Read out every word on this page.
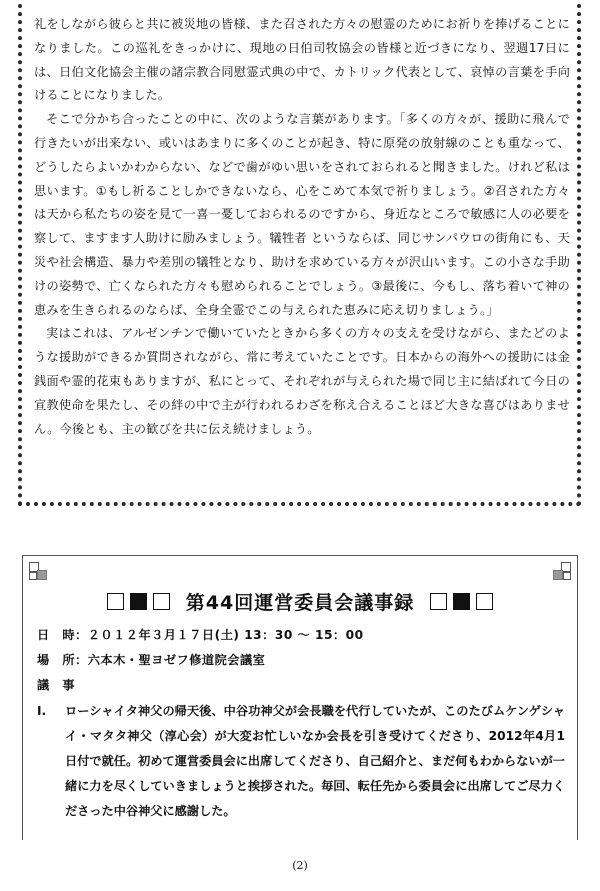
礼をしながら彼らと共に被災地の皆様、また召された方々の慰霊のためにお祈りを捧げることになりました。この巡礼をきっかけに、現地の日伯司牧協会の皆様と近づきになり、翌週17日には、日伯文化協会主催の諸宗教合同慰霊式典の中で、カトリック代表として、哀悼の言葉を手向けることになりました。

そこで分かち合ったことの中に、次のような言葉があります。「多くの方々が、援助に飛んで行きたいが出来ない、或いはあまりに多くのことが起き、特に原発の放射線のことも重なって、どうしたらよいかわからない、などで歯がゆい思いをされておられると聞きました。けれど私は思います。①もし祈ることしかできないなら、心をこめて本気で祈りましょう。②召された方々は天から私たちの姿を見て一喜一憂しておられるのですから、身近なところで敏感に人の必要を察して、ますます人助けに励みましょう。犠牲者 というならば、同じサンパウロの街角にも、天災や社会構造、暴力や差別の犠牲となり、助けを求めている方々が沢山います。この小さな手助けの姿勢で、亡くなられた方々も慰められることでしょう。③最後に、今もし、落ち着いて神の恵みを生きられるのならば、全身全霊でこの与えられた恵みに応え切りましょう。」

実はこれは、アルゼンチンで働いていたときから多くの方々の支えを受けながら、またどのような援助ができるか質問されながら、常に考えていたことです。日本からの海外への援助には金銭面や霊的花束もありますが、私にとって、それぞれが与えられた場で同じ主に結ばれて今日の宣教使命を果たし、その絆の中で主が行われるわざを称え合えることほど大きな喜びはありません。今後とも、主の歓びを共に伝え続けましょう。

第44回運営委員会議事録
日　時：２０１２年３月１７日(土) 13：30 ～ 15：00
場　所：六本木・聖ヨゼフ修道院会議室
議　事
Ⅰ.	ローシャイタ神父の帰天後、中谷功神父が会長職を代行していたが、このたびムケンゲシャイ・マタタ神父（淳心会）が大変お忙しいなか会長を引き受けてくださり、2012年4月1日付で就任。初めて運営委員会に出席してくださり、自己紹介と、まだ何もわからないが一緒に力を尽くしていきましょうと挨拶された。毎回、転任先から委員会に出席してご尽力くださった中谷神父に感謝した。
(2)
